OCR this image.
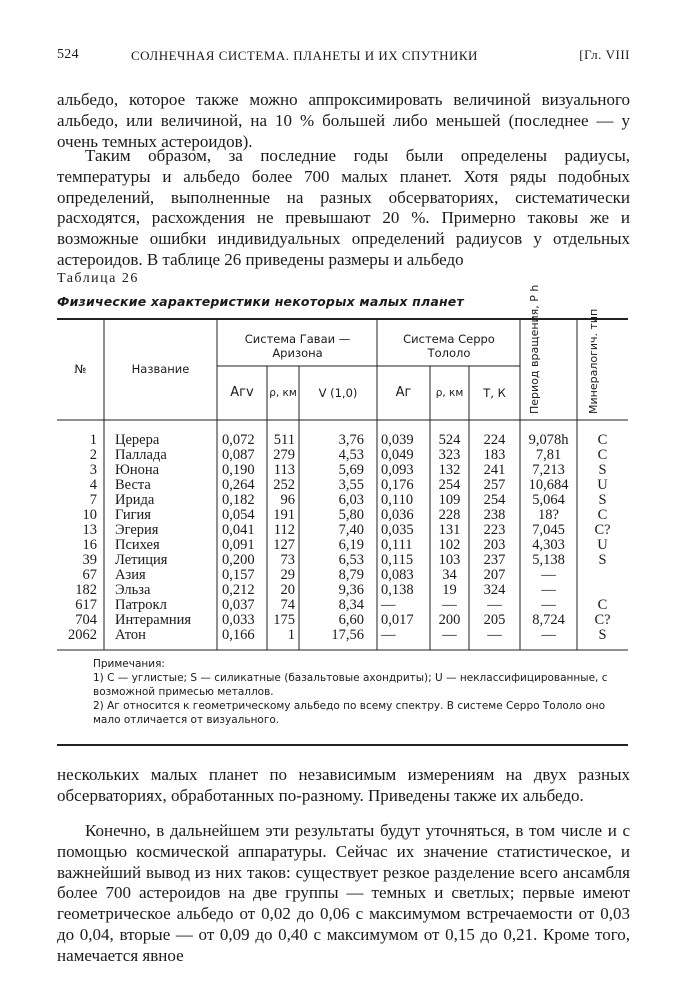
524	СОЛНЕЧНАЯ СИСТЕМА. ПЛАНЕТЫ И ИХ СПУТНИКИ	[Гл. VIII

альбедо, которое также можно аппроксимировать величиной визуального альбедо, или величиной, на 10 % большей либо меньшей (последнее — у очень темных астероидов).

Таким образом, за последние годы были определены радиусы, температуры и альбедо более 700 малых планет. Хотя ряды подобных определений, выполненные на разных обсерваториях, систематически расходятся, расхождения не превышают 20 %. Примерно таковы же и возможные ошибки индивидуальных определений радиусов у отдельных астероидов. В таблице 26 приведены размеры и альбедо

Таблица 26
Физические характеристики некоторых малых планет
№	Название
Система Гаваи — Аризона
Система Серро Тололо
Aгv	ρ, км	V (1,0)	Aг	ρ, км	T, К	Период вращения, P h	Минералогич. тип
1 Церера	0,072	511	3,76 0,039	524	224	9,078h	C
2 Паллада	0,087	279	4,53 0,049	323	183	7,81	C
3 Юнона	0,190	113	5,69 0,093	132	241	7,213	S
4 Веста	0,264	252	3,55 0,176	254	257	10,684	U
7 Ирида	0,182	96	6,03 0,110	109	254	5,064	S
10 Гигия	0,054	191	5,80 0,036	228	238	18?	C
13 Эгерия	0,041	112	7,40 0,035	131	223	7,045	C?
16 Психея	0,091	127	6,19 0,111	102	203	4,303	U
39 Летиция	0,200	73	6,53 0,115	103	237	5,138	S
67 Азия	0,157	29	8,79 0,083	34	207	—
182 Эльза	0,212	20	9,36 0,138	19	324	—
617 Патрокл	0,037	74	8,34 —	—	—	—	C
704 Интерамния	0,033	175	6,60 0,017	200	205	8,724	C?
2062 Атон	0,166	1	17,56 —	—	—	—	S

Примечания:

1) C — углистые; S — силикатные (базальтовые ахондриты); U — неклассифицированные, с возможной примесью металлов.

2) Aг относится к геометрическому альбедо по всему спектру. В системе Серро Тололо оно мало отличается от визуального.

нескольких малых планет по независимым измерениям на двух разных обсерваториях, обработанных по-разному. Приведены также их альбедо.

Конечно, в дальнейшем эти результаты будут уточняться, в том числе и с помощью космической аппаратуры. Сейчас их значение статистическое, и важнейший вывод из них таков: существует резкое разделение всего ансамбля более 700 астероидов на две группы — темных и светлых; первые имеют геометрическое альбедо от 0,02 до 0,06 с максимумом встречаемости от 0,03 до 0,04, вторые — от 0,09 до 0,40 с максимумом от 0,15 до 0,21. Кроме того, намечается явное
